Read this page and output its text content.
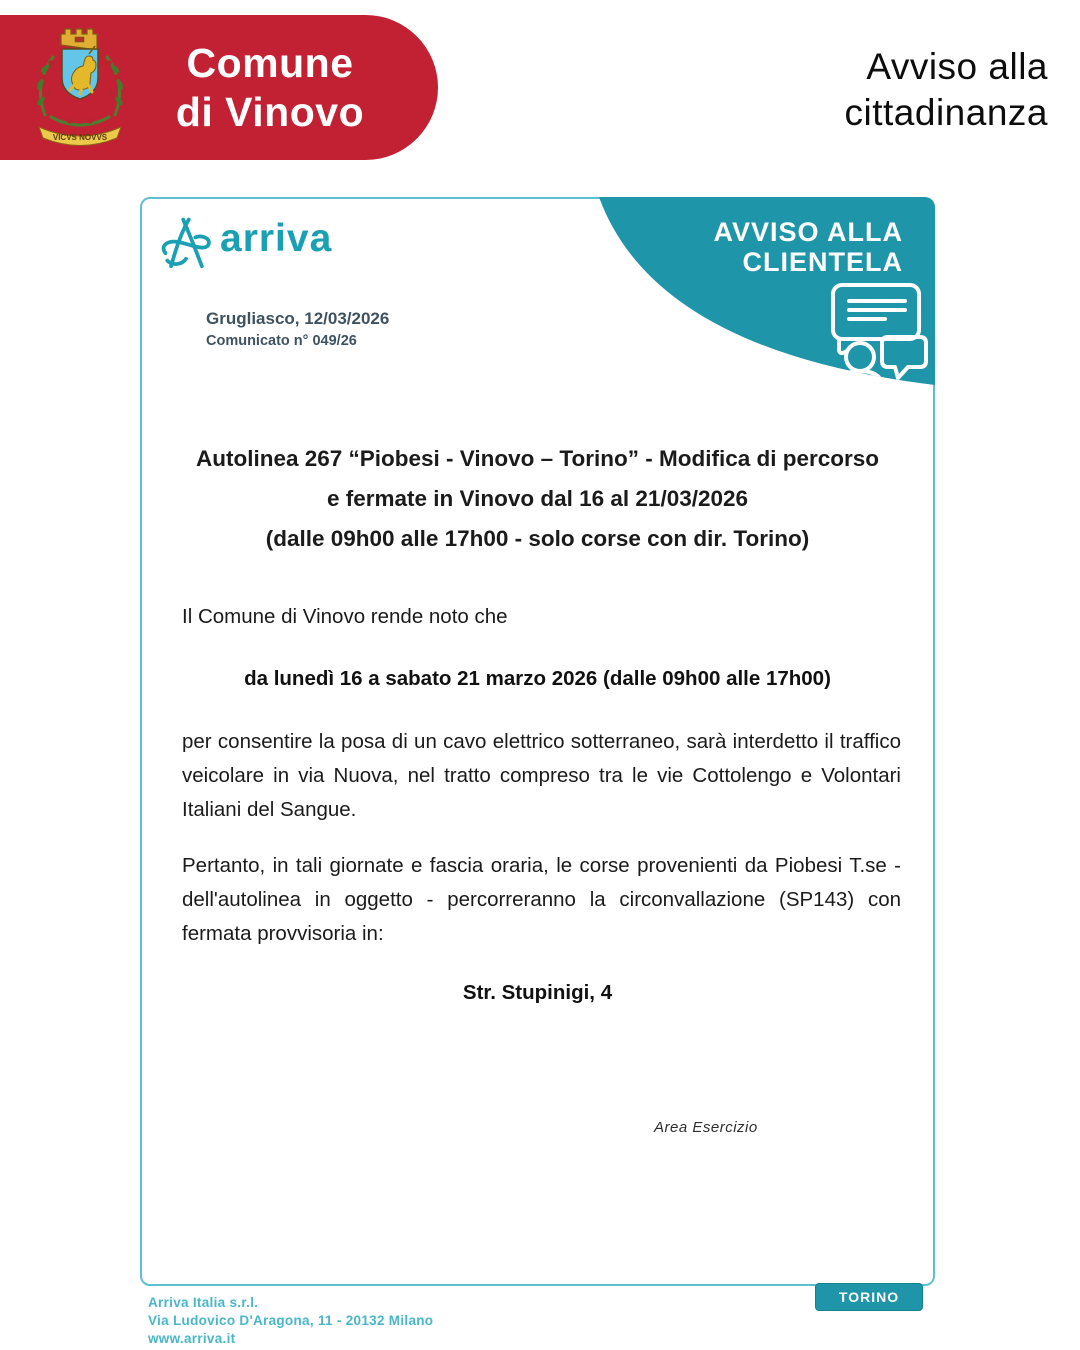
VICVS NOVVS
Comune
di Vinovo
Avviso alla
cittadinanza
AVVISO ALLA
CLIENTELA
arriva
Grugliasco, 12/03/2026
Comunicato n° 049/26
Autolinea 267 “Piobesi - Vinovo – Torino” - Modifica di percorso
e fermate in Vinovo dal 16 al 21/03/2026
(dalle 09h00 alle 17h00 - solo corse con dir. Torino)
Il Comune di Vinovo rende noto che
da lunedì 16 a sabato 21 marzo 2026 (dalle 09h00 alle 17h00)
per consentire la posa di un cavo elettrico sotterraneo, sarà interdetto il traffico veicolare in via Nuova, nel tratto compreso tra le vie Cottolengo e Volontari Italiani del Sangue.
Pertanto, in tali giornate e fascia oraria, le corse provenienti da Piobesi T.se - dell'autolinea in oggetto - percorreranno la circonvallazione (SP143) con fermata provvisoria in:
Str. Stupinigi, 4
Area Esercizio
TORINO
Arriva Italia s.r.l.
Via Ludovico D'Aragona, 11 - 20132 Milano
www.arriva.it
